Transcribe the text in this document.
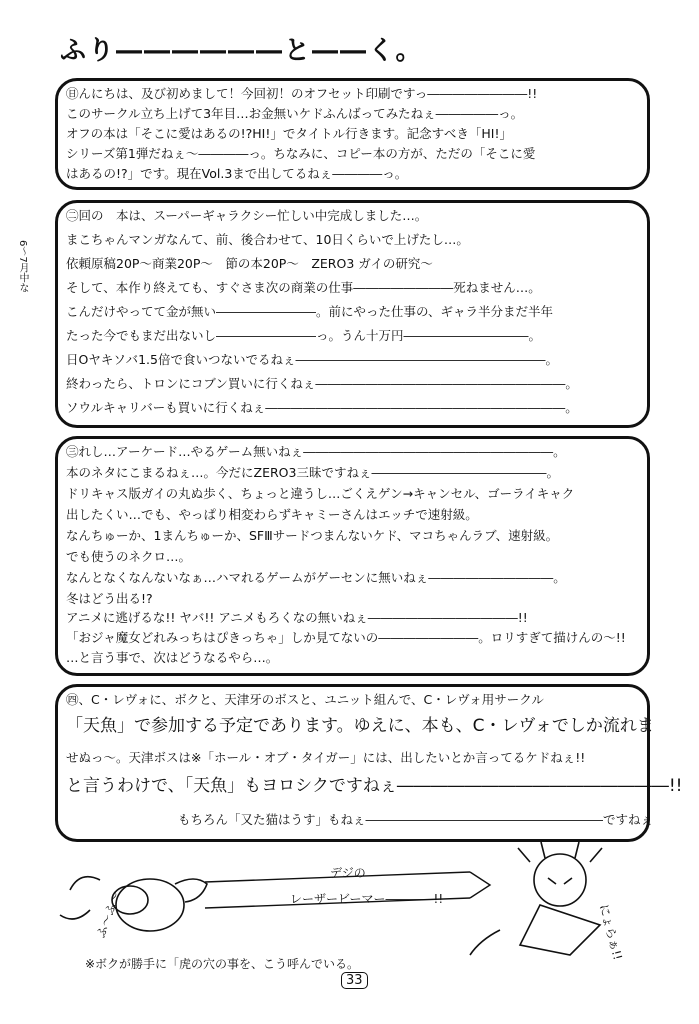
ふり――――――と――く。
㊐んにちは、及び初めまして！今回初！のオフセット印刷ですっ――――――――!!
このサークル立ち上げて3年目…お金無いケドふんばってみたねぇ―――――っ。
オフの本は「そこに愛はあるの!?HI!」でタイトル行きます。記念すべき「HI!」
シリーズ第1弾だねぇ〜――――っ。ちなみに、コピー本の方が、ただの「そこに愛
はあるの!?」です。現在Vol.3まで出してるねぇ――――っ。
6〜7月中な
㊁回の　本は、スーパーギャラクシー忙しい中完成しました…。
まこちゃんマンガなんて、前、後合わせて、10日くらいで上げたし…。
依頼原稿20P〜商業20P〜　節の本20P〜　ZERO3 ガイの研究〜
そして、本作り終えても、すぐさま次の商業の仕事――――――――死ねません…。
こんだけやってて金が無い――――――――。前にやった仕事の、ギャラ半分まだ半年
たった今でもまだ出ないし――――――――っ。うん十万円――――――――――。
日Oヤキソバ1.5倍で食いつないでるねぇ――――――――――――――――――――。
終わったら、トロンにコブン買いに行くねぇ――――――――――――――――――――。
ソウルキャリバーも買いに行くねぇ――――――――――――――――――――――――。
㊂れし…アーケード…やるゲーム無いねぇ――――――――――――――――――――。
本のネタにこまるねぇ…。今だにZERO3三昧ですねぇ――――――――――――――。
ドリキャス版ガイの丸ぬ歩く、ちょっと違うし…ごくえゲン→キャンセル、ゴーライキャク
出したくい…でも、やっぱり相変わらずキャミーさんはエッチで速射級。
なんちゅーか、1まんちゅーか、SFⅢサードつまんないケド、マコちゃんラブ、速射級。
でも使うのネクロ…。
なんとなくなんないなぁ…ハマれるゲームがゲーセンに無いねぇ――――――――――。
冬はどう出る!?
アニメに逃げるな!! ヤバ!! アニメもろくなの無いねぇ――――――――――――!!
「おジャ魔女どれみっちはぴきっちゃ」しか見てないの――――――――。ロリすぎて描けんの〜!!
…と言う事で、次はどうなるやら…。
㊃、C・レヴォに、ボクと、天津牙のボスと、ユニット組んで、C・レヴォ用サークル
「天魚」で参加する予定であります。ゆえに、本も、C・レヴォでしか流れま
せぬっ〜。天津ボスは※「ホール・オブ・タイガー」には、出したいとか言ってるケドねぇ!!
と言うわけで、「天魚」もヨロシクですねぇ――――――――――――――――!!
もちろん「又た猫はうす」もねぇ―――――――――――――――――――ですねぇ
ふ〜ふ〜
デジの
レーザービーマー――――!!
にょらぁ!!
※ボクが勝手に「虎の穴の事を、こう呼んでいる。
33
